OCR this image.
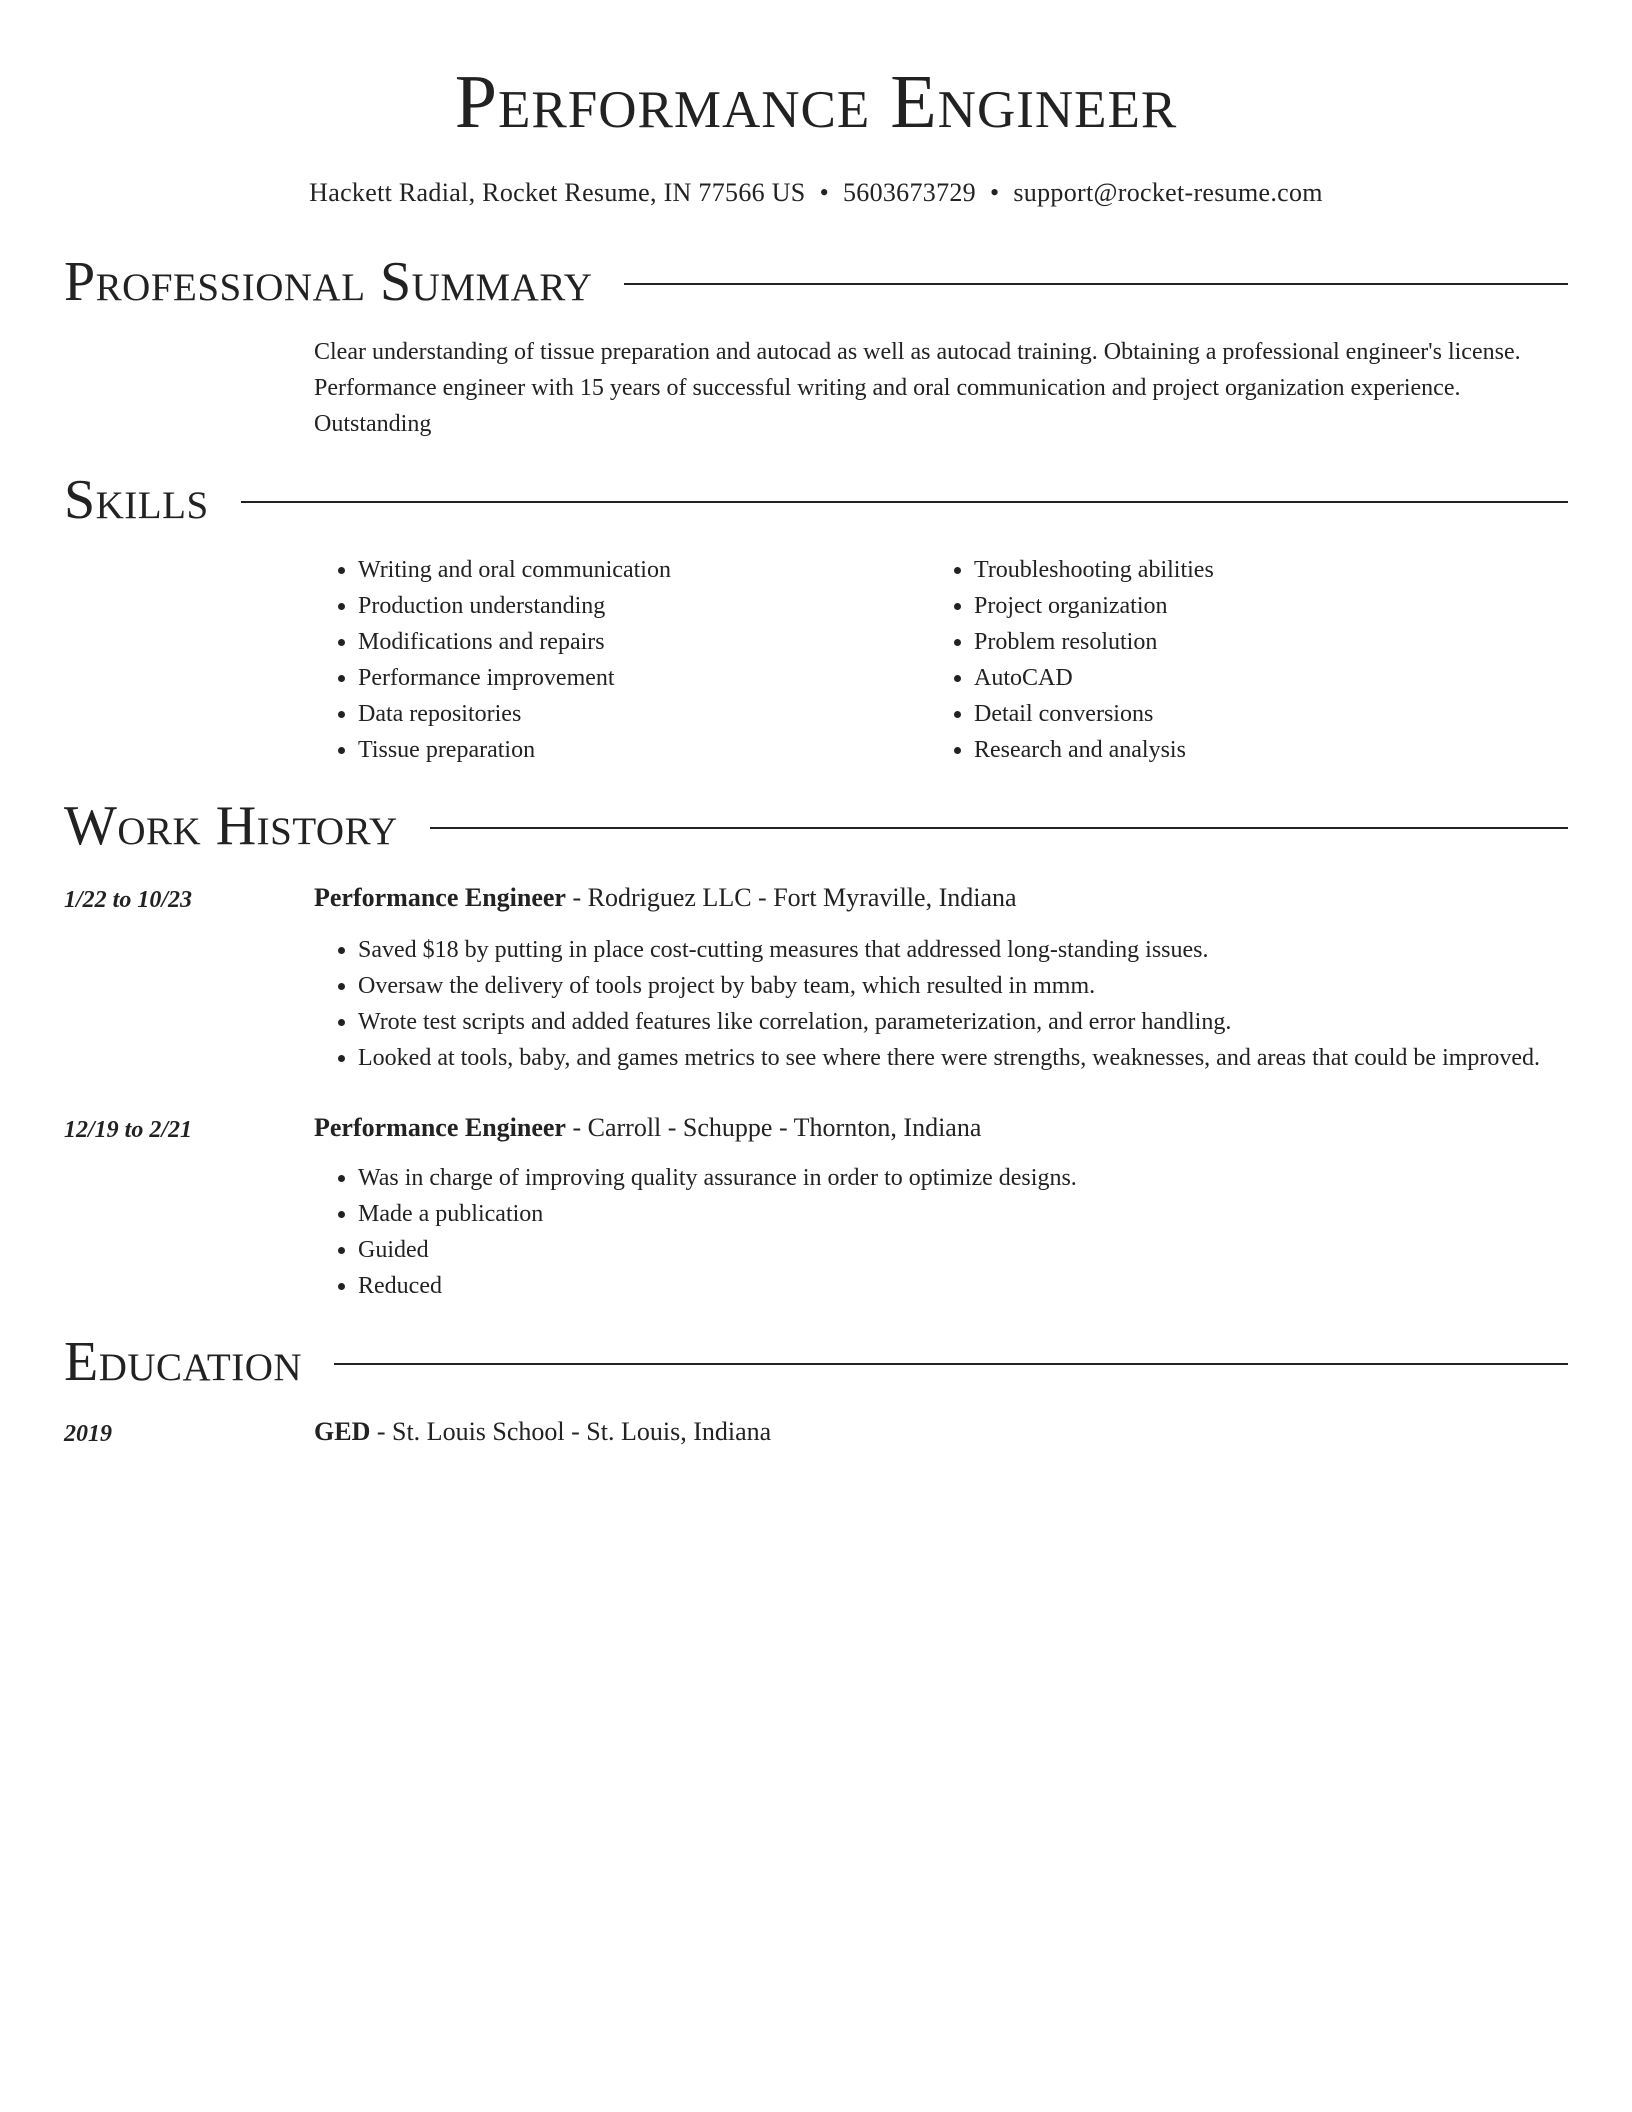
Performance Engineer
Hackett Radial, Rocket Resume, IN 77566 US • 5603673729 • support@rocket-resume.com
Professional Summary
Clear understanding of tissue preparation and autocad as well as autocad training. Obtaining a professional engineer's license. Performance engineer with 15 years of successful writing and oral communication and project organization experience. Outstanding
Skills
• Writing and oral communication
• Production understanding
• Modifications and repairs
• Performance improvement
• Data repositories
• Tissue preparation
• Troubleshooting abilities
• Project organization
• Problem resolution
• AutoCAD
• Detail conversions
• Research and analysis
Work History
1/22 to 10/23	Performance Engineer - Rodriguez LLC - Fort Myraville, Indiana
• Saved $18 by putting in place cost-cutting measures that addressed long-standing issues.
• Oversaw the delivery of tools project by baby team, which resulted in mmm.
• Wrote test scripts and added features like correlation, parameterization, and error handling.
• Looked at tools, baby, and games metrics to see where there were strengths, weaknesses, and areas that could be improved.
12/19 to 2/21	Performance Engineer - Carroll - Schuppe - Thornton, Indiana
• Was in charge of improving quality assurance in order to optimize designs.
• Made a publication
• Guided
• Reduced
Education
2019	GED - St. Louis School - St. Louis, Indiana
